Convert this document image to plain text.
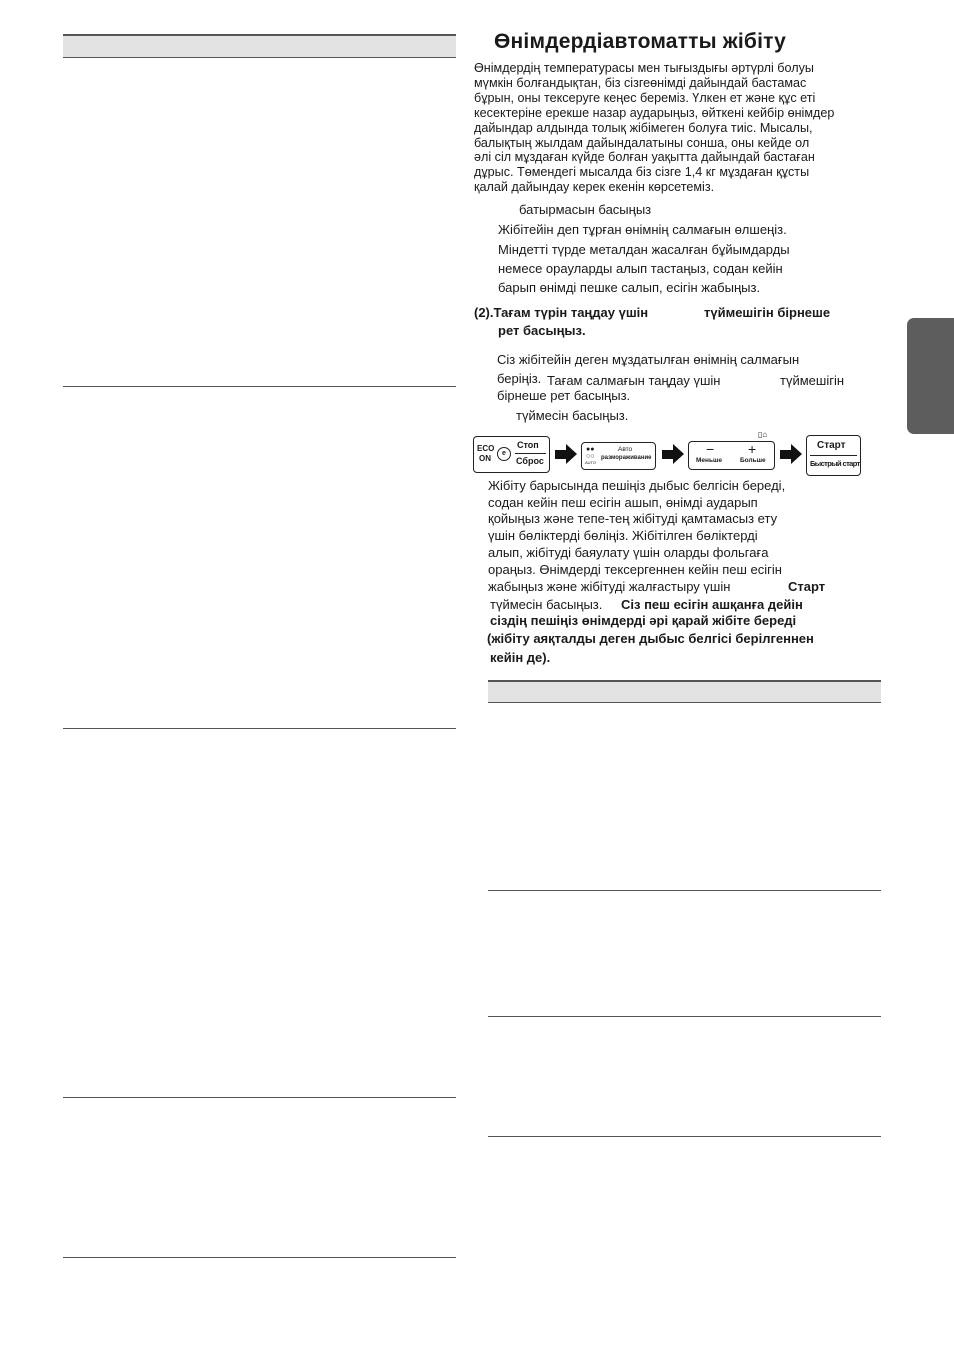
Өнімдердіавтоматты жібіту
Өнімдердің температурасы мен тығыздығы әртүрлі болуы
мүмкін болғандықтан, біз сізгеөнімді дайындай бастамас
бұрын, оны тексеруге кеңес береміз. Үлкен ет және құс еті
кесектеріне ерекше назар аударыңыз, өйткені кейбір өнімдер
дайындар алдында толық жібімеген болуға тиіс. Мысалы,
балықтың жылдам дайындалатыны сонша, оны кейде ол
әлі сіл мұздаған күйде болған уақытта дайындай бастаған
дұрыс. Төмендегі мысалда біз сізге 1,4 кг мұздаған құсты
қалай дайындау керек екенін көрсетеміз.
батырмасын басыңыз
Жібітейін деп тұрған өнімнің салмағын өлшеңіз.
Міндетті түрде металдан жасалған бұйымдарды
немесе орауларды алып тастаңыз, содан кейін
барып өнімді пешке салып, есігін жабыңыз.
(2).Тағам түрін таңдау үшін	түймешігін бірнеше
рет басыңыз.
Сіз жібітейін деген мұздатылған өнімнің салмағын
беріңіз. Тағам салмағын таңдау үшін	түймешігін
бірнеше рет басыңыз.
түймесін басыңыз.
ECO
ON
e
Стоп
Сброс
●●
○○
AUTO
Авто
размораживание
▯⌂
− +
Меньше	Больше
Старт
Быстрый старт
Жібіту барысында пешіңіз дыбыс белгісін береді,
содан кейін пеш есігін ашып, өнімді аударып
қойыңыз және тепе-тең жібітуді қамтамасыз ету
үшін бөліктерді бөліңіз. Жібітілген бөліктерді
алып, жібітуді баяулату үшін оларды фольгаға
ораңыз. Өнімдерді тексергеннен кейін пеш есігін
жабыңыз және жібітуді жалғастыру үшін	Старт
түймесін басыңыз. Сіз пеш есігін ашқанға дейін
сіздің пешіңіз өнімдерді әрі қарай жібіте береді
(жібіту аяқталды деген дыбыс белгісі берілгеннен
кейін де).
